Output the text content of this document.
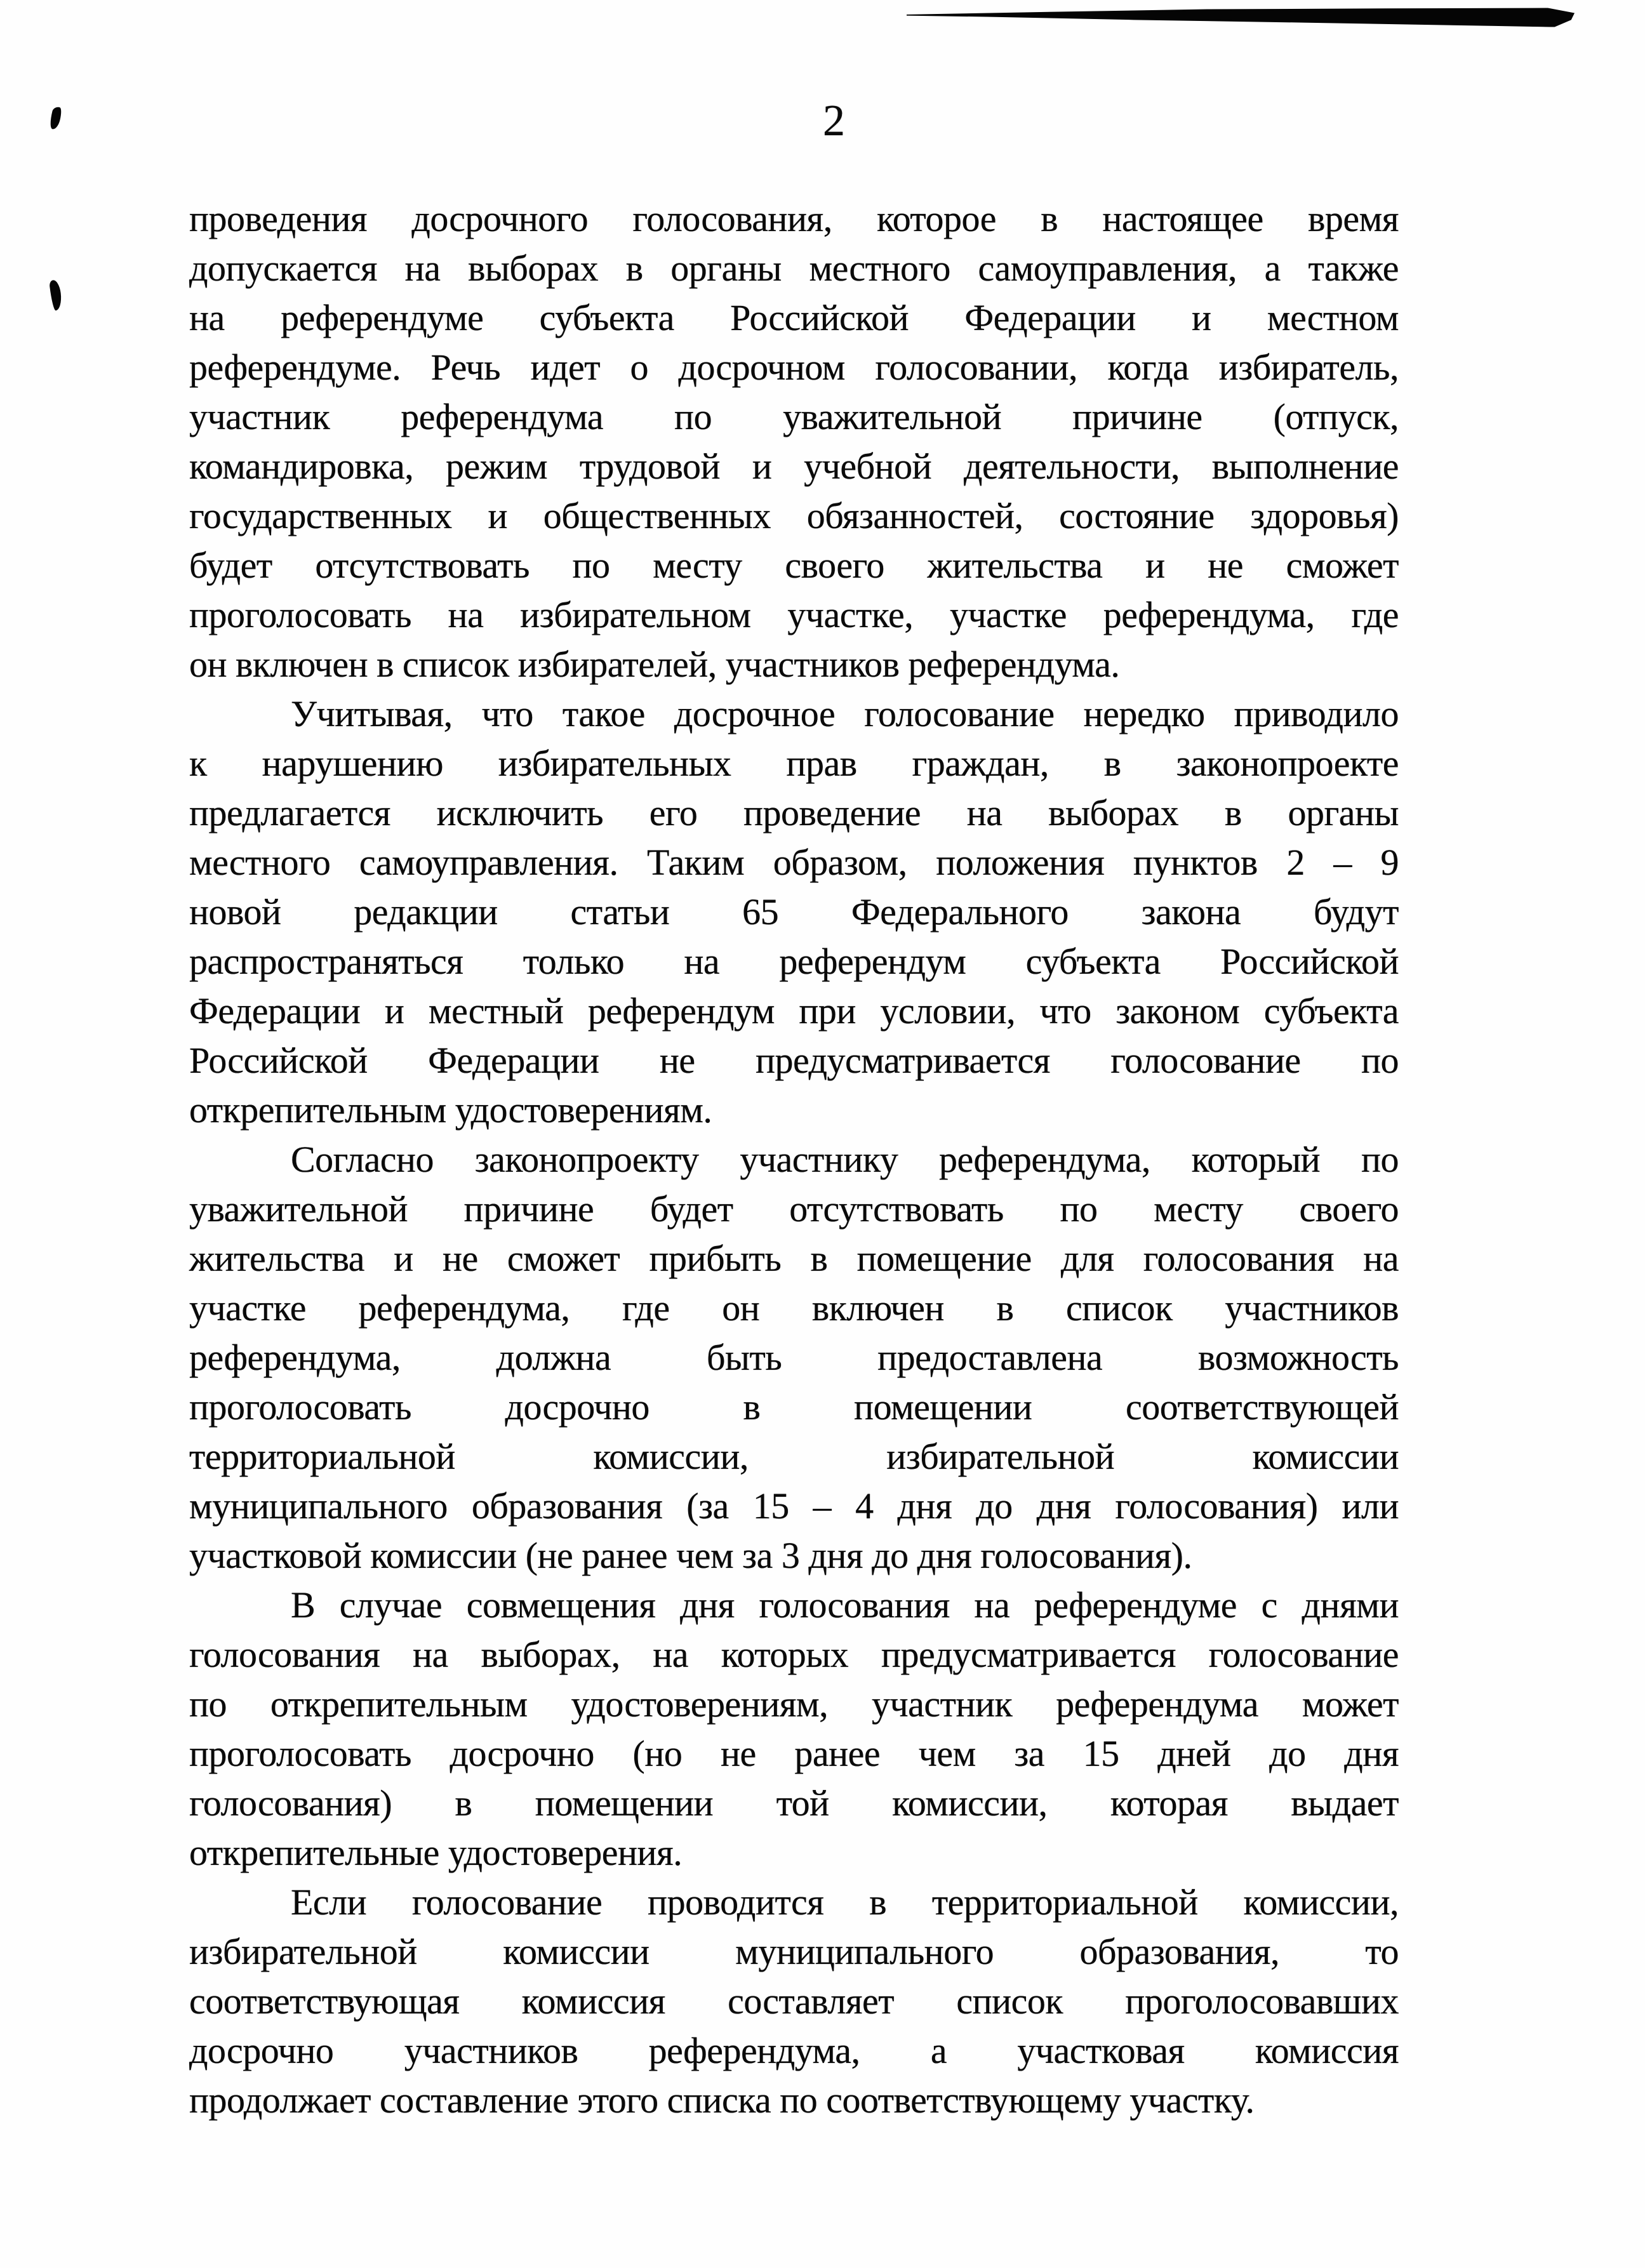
2
проведения досрочного голосования, которое в настоящее время
допускается на выборах в органы местного самоуправления, а также
на референдуме субъекта Российской Федерации и местном
референдуме. Речь идет о досрочном голосовании, когда избиратель,
участник референдума по уважительной причине (отпуск,
командировка, режим трудовой и учебной деятельности, выполнение
государственных и общественных обязанностей, состояние здоровья)
будет отсутствовать по месту своего жительства и не сможет
проголосовать на избирательном участке, участке референдума, где
он включен в список избирателей, участников референдума.
Учитывая, что такое досрочное голосование нередко приводило
к нарушению избирательных прав граждан, в законопроекте
предлагается исключить его проведение на выборах в органы
местного самоуправления. Таким образом, положения пунктов 2 – 9
новой редакции статьи 65 Федерального закона будут
распространяться только на референдум субъекта Российской
Федерации и местный референдум при условии, что законом субъекта
Российской Федерации не предусматривается голосование по
открепительным удостоверениям.
Согласно законопроекту участнику референдума, который по
уважительной причине будет отсутствовать по месту своего
жительства и не сможет прибыть в помещение для голосования на
участке референдума, где он включен в список участников
референдума, должна быть предоставлена возможность
проголосовать досрочно в помещении соответствующей
территориальной комиссии, избирательной комиссии
муниципального образования (за 15 – 4 дня до дня голосования) или
участковой комиссии (не ранее чем за 3 дня до дня голосования).
В случае совмещения дня голосования на референдуме с днями
голосования на выборах, на которых предусматривается голосование
по открепительным удостоверениям, участник референдума может
проголосовать досрочно (но не ранее чем за 15 дней до дня
голосования) в помещении той комиссии, которая выдает
открепительные удостоверения.
Если голосование проводится в территориальной комиссии,
избирательной комиссии муниципального образования, то
соответствующая комиссия составляет список проголосовавших
досрочно участников референдума, а участковая комиссия
продолжает составление этого списка по соответствующему участку.
